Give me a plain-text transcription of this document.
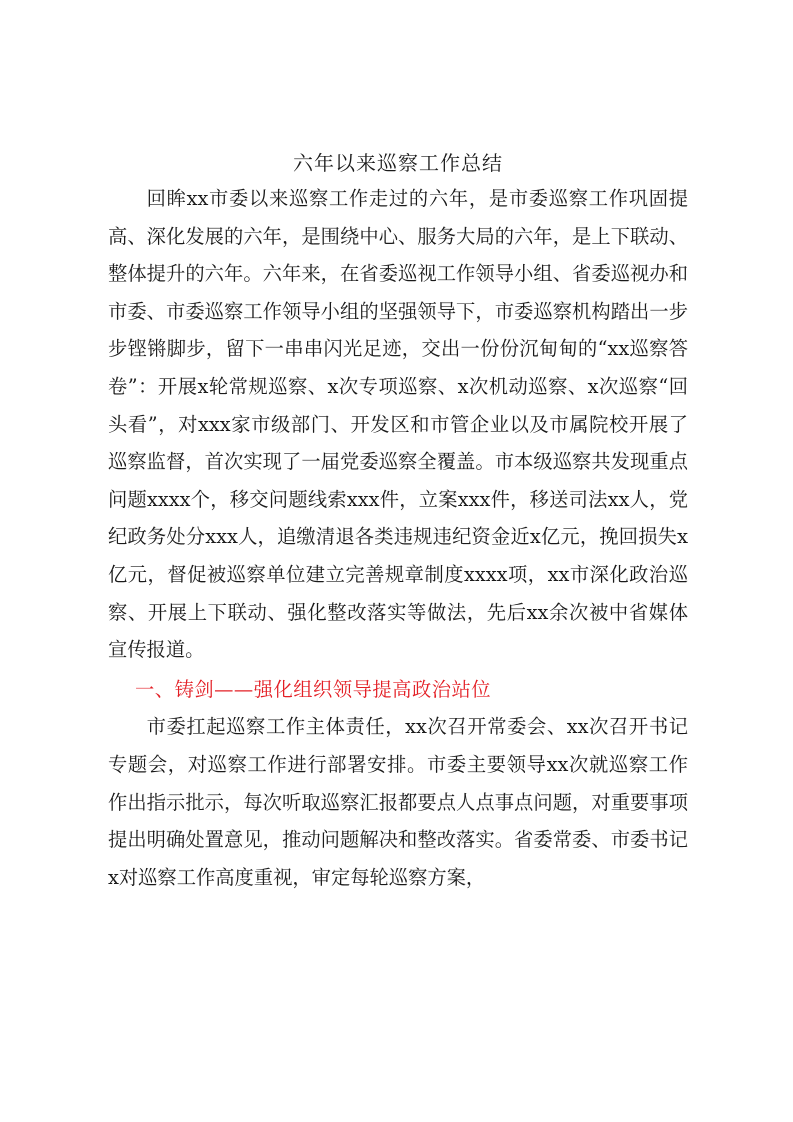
六年以来巡察工作总结

回眸xx市委以来巡察工作走过的六年，是市委巡察工作巩固提高、深化发展的六年，是围绕中心、服务大局的六年，是上下联动、整体提升的六年。六年来，在省委巡视工作领导小组、省委巡视办和市委、市委巡察工作领导小组的坚强领导下，市委巡察机构踏出一步步铿锵脚步，留下一串串闪光足迹，交出一份份沉甸甸的“xx巡察答卷”：开展x轮常规巡察、x次专项巡察、x次机动巡察、x次巡察“回头看”，对xxx家市级部门、开发区和市管企业以及市属院校开展了巡察监督，首次实现了一届党委巡察全覆盖。市本级巡察共发现重点问题xxxx个，移交问题线索xxx件，立案xxx件，移送司法xx人，党纪政务处分xxx人，追缴清退各类违规违纪资金近x亿元，挽回损失x亿元，督促被巡察单位建立完善规章制度xxxx项，xx市深化政治巡察、开展上下联动、强化整改落实等做法，先后xx余次被中省媒体宣传报道。

一、铸剑——强化组织领导提高政治站位

市委扛起巡察工作主体责任，xx次召开常委会、xx次召开书记专题会，对巡察工作进行部署安排。市委主要领导xx次就巡察工作作出指示批示，每次听取巡察汇报都要点人点事点问题，对重要事项提出明确处置意见，推动问题解决和整改落实。省委常委、市委书记x对巡察工作高度重视，审定每轮巡察方案，
